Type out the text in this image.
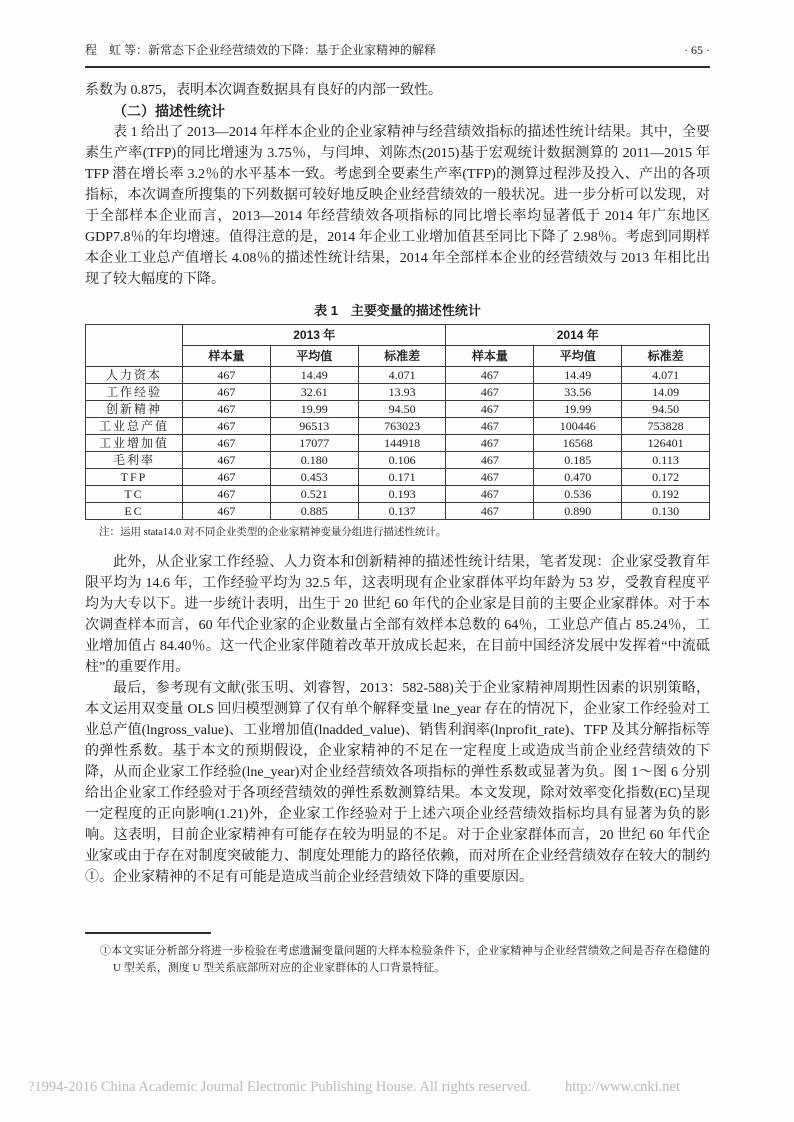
程　虹 等：新常态下企业经营绩效的下降：基于企业家精神的解释	· 65 ·

系数为 0.875，表明本次调查数据具有良好的内部一致性。

（二）描述性统计

表 1 给出了 2013—2014 年样本企业的企业家精神与经营绩效指标的描述性统计结果。其中，全要素生产率(TFP)的同比增速为 3.75％，与闫坤、刘陈杰(2015)基于宏观统计数据测算的 2011—2015 年 TFP 潜在增长率 3.2％的水平基本一致。考虑到全要素生产率(TFP)的测算过程涉及投入、产出的各项指标，本次调查所搜集的下列数据可较好地反映企业经营绩效的一般状况。进一步分析可以发现，对于全部样本企业而言，2013—2014 年经营绩效各项指标的同比增长率均显著低于 2014 年广东地区 GDP7.8％的年均增速。值得注意的是，2014 年企业工业增加值甚至同比下降了 2.98％。考虑到同期样本企业工业总产值增长 4.08％的描述性统计结果，2014 年全部样本企业的经营绩效与 2013 年相比出现了较大幅度的下降。

表 1　主要变量的描述性统计

	2013 年			2014 年		
	样本量	平均值	标准差	样本量	平均值	标准差
人力资本	467	14.49	4.071	467	14.49	4.071
工作经验	467	32.61	13.93	467	33.56	14.09
创新精神	467	19.99	94.50	467	19.99	94.50
工业总产值	467	96513	763023	467	100446	753828
工业增加值	467	17077	144918	467	16568	126401
毛利率	467	0.180	0.106	467	0.185	0.113
TFP	467	0.453	0.171	467	0.470	0.172
TC	467	0.521	0.193	467	0.536	0.192
EC	467	0.885	0.137	467	0.890	0.130

注：运用 stata14.0 对不同企业类型的企业家精神变量分组进行描述性统计。

此外，从企业家工作经验、人力资本和创新精神的描述性统计结果，笔者发现：企业家受教育年限平均为 14.6 年，工作经验平均为 32.5 年，这表明现有企业家群体平均年龄为 53 岁，受教育程度平均为大专以下。进一步统计表明，出生于 20 世纪 60 年代的企业家是目前的主要企业家群体。对于本次调查样本而言，60 年代企业家的企业数量占全部有效样本总数的 64％，工业总产值占 85.24％，工业增加值占 84.40％。这一代企业家伴随着改革开放成长起来，在目前中国经济发展中发挥着“中流砥柱”的重要作用。

最后，参考现有文献(张玉明、刘睿智，2013：582-588)关于企业家精神周期性因素的识别策略，本文运用双变量 OLS 回归模型测算了仅有单个解释变量 lne_year 存在的情况下，企业家工作经验对工业总产值(lngross_value)、工业增加值(lnadded_value)、销售利润率(lnprofit_rate)、TFP 及其分解指标等的弹性系数。基于本文的预期假设，企业家精神的不足在一定程度上或造成当前企业经营绩效的下降，从而企业家工作经验(lne_year)对企业经营绩效各项指标的弹性系数或显著为负。图 1～图 6 分别给出企业家工作经验对于各项经营绩效的弹性系数测算结果。本文发现，除对效率变化指数(EC)呈现一定程度的正向影响(1.21)外，企业家工作经验对于上述六项企业经营绩效指标均具有显著为负的影响。这表明，目前企业家精神有可能存在较为明显的不足。对于企业家群体而言，20 世纪 60 年代企业家或由于存在对制度突破能力、制度处理能力的路径依赖，而对所在企业经营绩效存在较大的制约①。企业家精神的不足有可能是造成当前企业经营绩效下降的重要原因。

①本文实证分析部分将进一步检验在考虑遗漏变量问题的大样本检验条件下，企业家精神与企业经营绩效之间是否存在稳健的 U 型关系，测度 U 型关系底部所对应的企业家群体的人口背景特征。

?1994-2016 China Academic Journal Electronic Publishing House. All rights reserved. http://www.cnki.net
